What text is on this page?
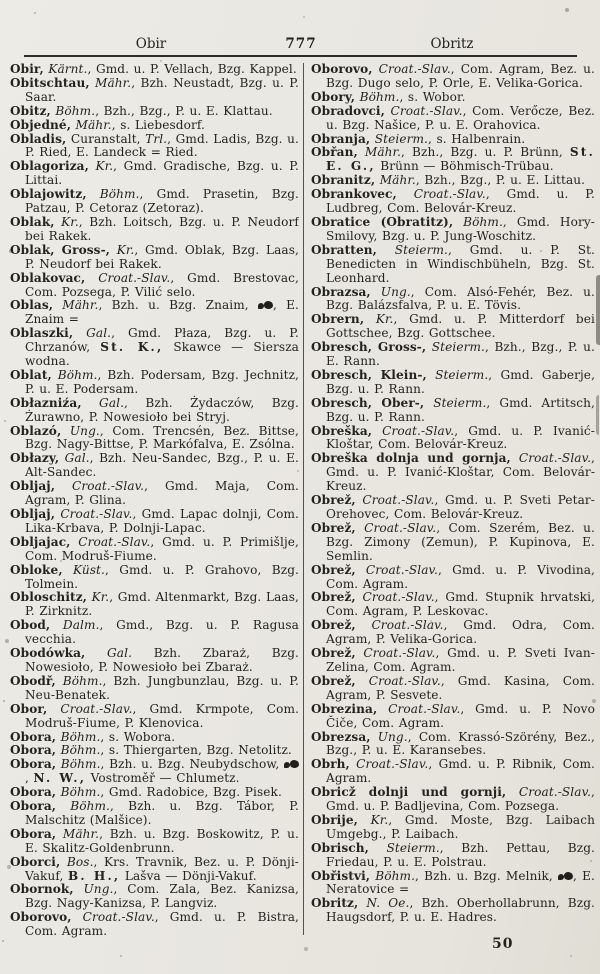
Obir	777	Obritz
Obir, Kärnt., Gmd. u. P. Vellach, Bzg. Kappel.
Obitschtau, Mähr., Bzh. Neustadt, Bzg. u. P. Saar.
Obitz, Böhm., Bzh., Bzg., P. u. E. Klattau.
Objedné, Mähr., s. Liebesdorf.
Obladis, Curanstalt, Trl., Gmd. Ladis, Bzg. u. P. Ried, E. Landeck = Ried.
Oblagoriza, Kr., Gmd. Gradische, Bzg. u. P. Littai.
Oblajowitz, Böhm., Gmd. Prasetin, Bzg. Patzau, P. Cetoraz (Zetoraz).
Oblak, Kr., Bzh. Loitsch, Bzg. u. P. Neudorf bei Rakek.
Oblak, Gross-, Kr., Gmd. Oblak, Bzg. Laas, P. Neudorf bei Rakek.
Oblakovac, Croat.-Slav., Gmd. Brestovac, Com. Pozsega, P. Vilić selo.
Oblas, Mähr., Bzh. u. Bzg. Znaim, , E. Znaim =
Oblaszki, Gal., Gmd. Płaza, Bzg. u. P. Chrzanów, St. K., Skawce — Siersza wodna.
Oblat, Böhm., Bzh. Podersam, Bzg. Jechnitz, P. u. E. Podersam.
Obłazniźa, Gal., Bzh. Żydaczów, Bzg. Żurawno, P. Nowesioło bei Stryj.
Oblazó, Ung., Com. Trencsén, Bez. Bittse, Bzg. Nagy-Bittse, P. Markófalva, E. Zsólna.
Obłazy, Gal., Bzh. Neu-Sandec, Bzg., P. u. E. Alt-Sandec.
Obljaj, Croat.-Slav., Gmd. Maja, Com. Agram, P. Glina.
Obljaj, Croat.-Slav., Gmd. Lapac dolnji, Com. Lika-Krbava, P. Dolnji-Lapac.
Obljajac, Croat.-Slav., Gmd. u. P. Primišlje, Com. Modruš-Fiume.
Obloke, Küst., Gmd. u. P. Grahovo, Bzg. Tolmein.
Obloschitz, Kr., Gmd. Altenmarkt, Bzg. Laas, P. Zirknitz.
Obod, Dalm., Gmd., Bzg. u. P. Ragusa vecchia.
Obodówka, Gal. Bzh. Zbaraż, Bzg. Nowesioło, P. Nowesioło bei Zbaraż.
Obodř, Böhm., Bzh. Jungbunzlau, Bzg. u. P. Neu-Benatek.
Obor, Croat.-Slav., Gmd. Krmpote, Com. Modruš-Fiume, P. Klenovica.
Obora, Böhm., s. Wobora.
Obora, Böhm., s. Thiergarten, Bzg. Netolitz.
Obora, Böhm., Bzh. u. Bzg. Neubydschow, , N. W., Vostroměř — Chlumetz.
Obora, Böhm., Gmd. Radobice, Bzg. Pisek.
Obora, Böhm., Bzh. u. Bzg. Tábor, P. Malschitz (Malšice).
Obora, Mähr., Bzh. u. Bzg. Boskowitz, P. u. E. Skalitz-Goldenbrunn.
Oborci, Bos., Krs. Travnik, Bez. u. P. Dönji-Vakuf, B. H., Lašva — Dönji-Vakuf.
Obornok, Ung., Com. Zala, Bez. Kanizsa, Bzg. Nagy-Kanizsa, P. Langviz.
Oborovo, Croat.-Slav., Gmd. u. P. Bistra, Com. Agram.
Oborovo, Croat.-Slav., Com. Agram, Bez. u. Bzg. Dugo selo, P. Orle, E. Velika-Gorica.
Obory, Böhm., s. Wobor.
Obradovci, Croat.-Slav., Com. Verőcze, Bez. u. Bzg. Našice, P. u. E. Orahovica.
Obranja, Steierm., s. Halbenrain.
Obřan, Mähr., Bzh., Bzg. u. P. Brünn, St. E. G., Brünn — Böhmisch-Trübau.
Obranitz, Mähr., Bzh., Bzg., P. u. E. Littau.
Obrankovec, Croat.-Slav., Gmd. u. P. Ludbreg, Com. Belovár-Kreuz.
Obratice (Obratitz), Böhm., Gmd. Hory-Smilovy, Bzg. u. P. Jung-Woschitz.
Obratten, Steierm., Gmd. u. P. St. Benedicten in Windischbüheln, Bzg. St. Leonhard.
Obrazsa, Ung., Com. Alsó-Fehér, Bez. u. Bzg. Balázsfalva, P. u. E. Tövis.
Obrern, Kr., Gmd. u. P. Mitterdorf bei Gottschee, Bzg. Gottschee.
Obresch, Gross-, Steierm., Bzh., Bzg., P. u. E. Rann.
Obresch, Klein-, Steierm., Gmd. Gaberje, Bzg. u. P. Rann.
Obresch, Ober-, Steierm., Gmd. Artitsch, Bzg. u. P. Rann.
Obreška, Croat.-Slav., Gmd. u. P. Ivanić-Kloštar, Com. Belovár-Kreuz.
Obreška dolnja und gornja, Croat.-Slav., Gmd. u. P. Ivanić-Kloštar, Com. Belovár-Kreuz.
Obrež, Croat.-Slav., Gmd. u. P. Sveti Petar-Orehovec, Com. Belovár-Kreuz.
Obrež, Croat.-Slav., Com. Szerém, Bez. u. Bzg. Zimony (Zemun), P. Kupinova, E. Semlin.
Obrež, Croat.-Slav., Gmd. u. P. Vivodina, Com. Agram.
Obrež, Croat.-Slav., Gmd. Stupnik hrvatski, Com. Agram, P. Leskovac.
Obrež, Croat.-Slav., Gmd. Odra, Com. Agram, P. Velika-Gorica.
Obrež, Croat.-Slav., Gmd. u. P. Sveti Ivan-Zelina, Com. Agram.
Obrež, Croat.-Slav., Gmd. Kasina, Com. Agram, P. Sesvete.
Obrezina, Croat.-Slav., Gmd. u. P. Novo Čiče, Com. Agram.
Obrezsa, Ung., Com. Krassó-Szörény, Bez., Bzg., P. u. E. Karansebes.
Obrh, Croat.-Slav., Gmd. u. P. Ribnik, Com. Agram.
Obricž dolnji und gornji, Croat.-Slav., Gmd. u. P. Badljevina, Com. Pozsega.
Obrije, Kr., Gmd. Moste, Bzg. Laibach Umgebg., P. Laibach.
Obrisch, Steierm., Bzh. Pettau, Bzg. Friedau, P. u. E. Polstrau.
Obřistvi, Böhm., Bzh. u. Bzg. Melnik, , E. Neratovice =
Obritz, N. Oe., Bzh. Oberhollabrunn, Bzg. Haugsdorf, P. u. E. Hadres.
50
